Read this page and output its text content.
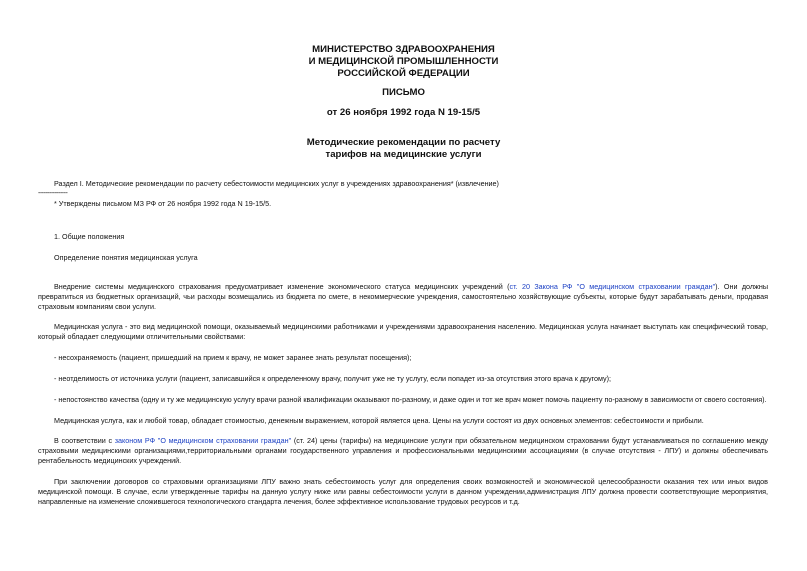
МИНИСТЕРСТВО ЗДРАВООХРАНЕНИЯ
И МЕДИЦИНСКОЙ ПРОМЫШЛЕННОСТИ
РОССИЙСКОЙ ФЕДЕРАЦИИ
ПИСЬМО
от 26 ноября 1992 года N 19-15/5
Методические рекомендации по расчету
тарифов на медицинские услуги
Раздел I. Методические рекомендации по расчету себестоимости медицинских услуг в учреждениях здравоохранения* (извлечение)
----------------
* Утверждены письмом МЗ РФ от 26 ноября 1992 года N 19-15/5.
1. Общие положения
Определение понятия медицинская услуга
Внедрение системы медицинского страхования предусматривает изменение экономического статуса медицинских учреждений (ст. 20 Закона РФ "О медицинском страховании граждан"). Они должны превратиться из бюджетных организаций, чьи расходы возмещались из бюджета по смете, в некоммерческие учреждения, самостоятельно хозяйствующие субъекты, которые будут зарабатывать деньги, продавая страховым компаниям свои услуги.
Медицинская услуга - это вид медицинской помощи, оказываемый медицинскими работниками и учреждениями здравоохранения населению. Медицинская услуга начинает выступать как специфический товар, который обладает следующими отличительными свойствами:
- несохраняемость (пациент, пришедший на прием к врачу, не может заранее знать результат посещения);
- неотделимость от источника услуги (пациент, записавшийся к определенному врачу, получит уже не ту услугу, если попадет из-за отсутствия этого врача к другому);
- непостоянство качества (одну и ту же медицинскую услугу врачи разной квалификации оказывают по-разному, и даже один и тот же врач может помочь пациенту по-разному в зависимости от своего состояния).
Медицинская услуга, как и любой товар, обладает стоимостью, денежным выражением, которой является цена. Цены на услуги состоят из двух основных элементов: себестоимости и прибыли.
В соответствии с законом РФ "О медицинском страховании граждан" (ст. 24) цены (тарифы) на медицинские услуги при обязательном медицинском страховании будут устанавливаться по соглашению между страховыми медицинскими организациями,территориальными органами государственного управления и профессиональными медицинскими ассоциациями (в случае отсутствия - ЛПУ) и должны обеспечивать рентабельность медицинских учреждений.
При заключении договоров со страховыми организациями ЛПУ важно знать себестоимость услуг для определения своих возможностей и экономической целесообразности оказания тех или иных видов медицинской помощи. В случае, если утвержденные тарифы на данную услугу ниже или равны себестоимости услуги в данном учреждении,администрация ЛПУ должна провести соответствующие мероприятия, направленные на изменение сложившегося технологического стандарта лечения, более эффективное использование трудовых ресурсов и т.д.
